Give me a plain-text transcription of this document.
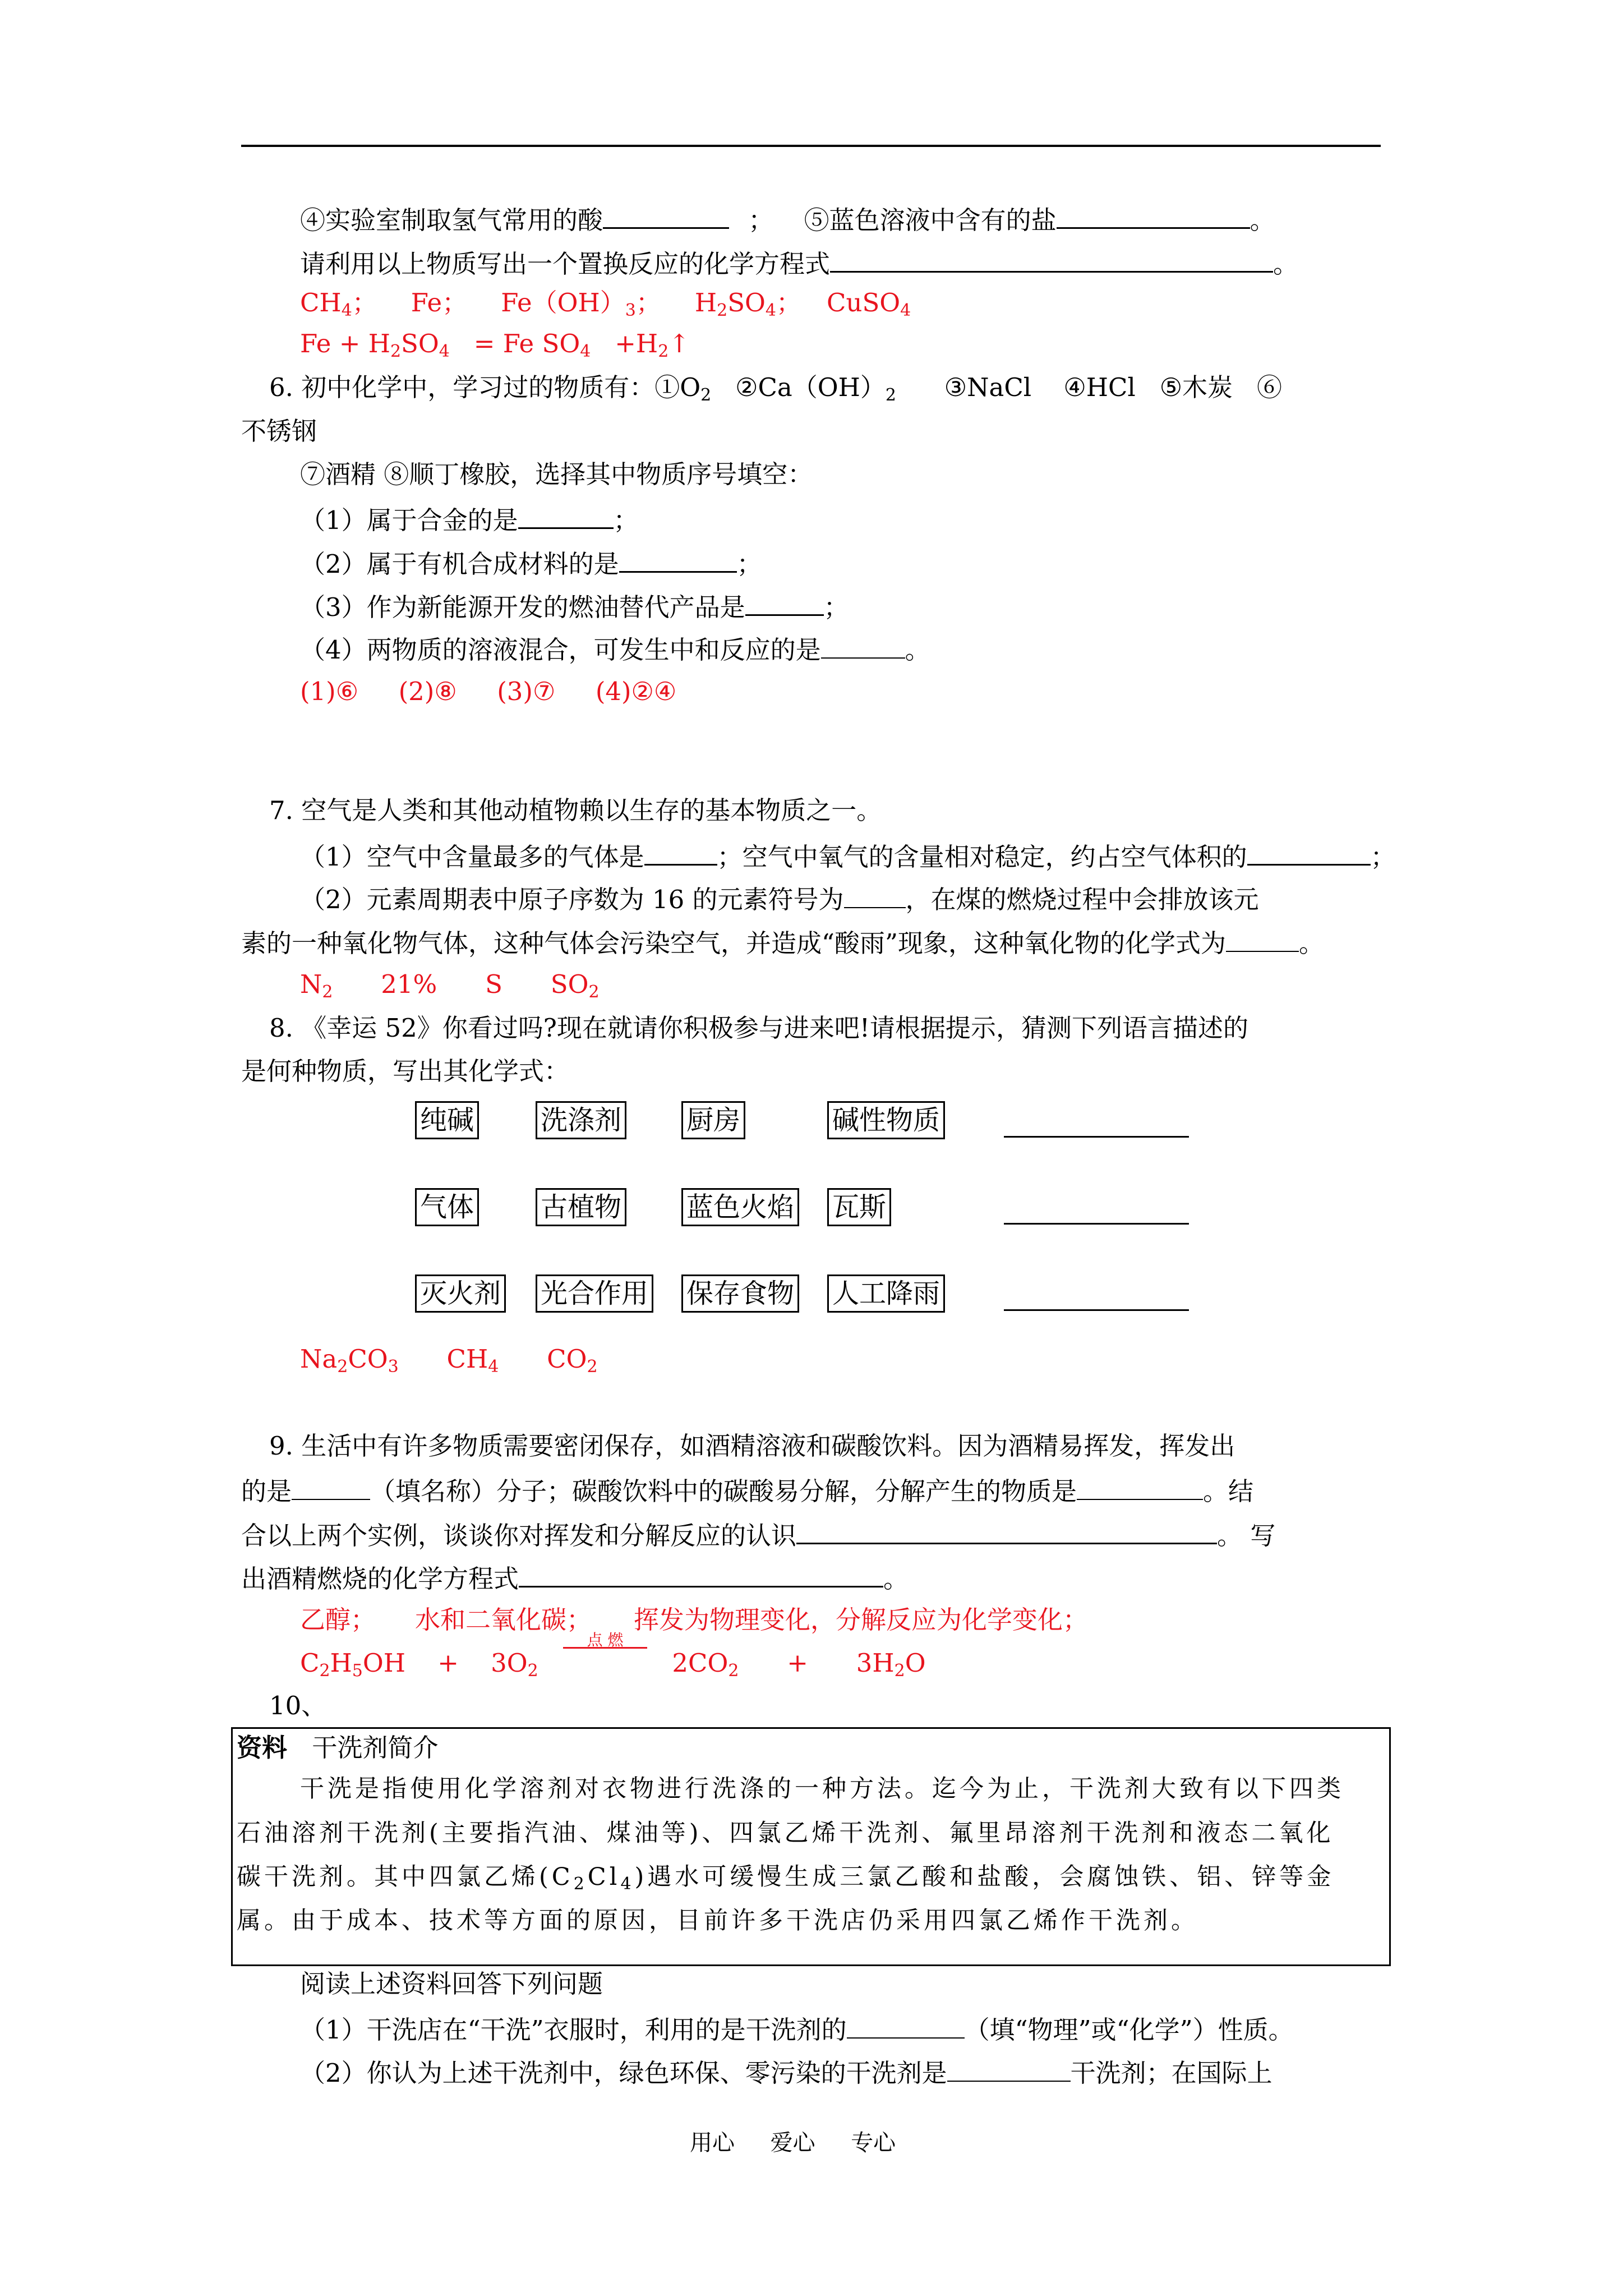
④实验室制取氢气常用的酸	； ⑤蓝色溶液中含有的盐	。
请利用以上物质写出一个置换反应的化学方程式	。
$CH_4$； Fe； $Fe(OH)_3$； $H_2SO_4$； CuSO$_4$
$Fe + H_2SO_4 = Fe$ $SO_4$   $+H_2↑$
6. 初中化学中，学习过的物质有：$①O_2$   $②Ca(OH)_2$      ③NaCl    ④HCl   ⑤木炭   ⑥
不锈钢
⑦酒精 ⑧顺丁橡胶，选择其中物质序号填空：
（1）属于合金的是	；
（2）属于有机合成材料的是	；
（3）作为新能源开发的燃油替代产品是	；
（4）两物质的溶液混合，可发生中和反应的是	。
(1)⑥     (2)⑧     (3)⑦     (4)②④
7. 空气是人类和其他动植物赖以生存的基本物质之一。
（1）空气中含量最多的气体是	；空气中氧气的含量相对稳定，约占空气体积的	；
（2）元素周期表中原子序数为 16 的元素符号为 ，在煤的燃烧过程中会排放该元
素的一种氧化物气体，这种气体会污染空气，并造成“酸雨”现象，这种氧化物的化学式为	。
$N_2$      21%      S      $SO_2$
8. 《幸运 52》你看过吗?现在就请你积极参与进来吧!请根据提示，猜测下列语言描述的
是何种物质，写出其化学式：
纯碱 洗涤剂 厨房	碱性物质
气体 古植物 蓝色火焰 瓦斯
灭火剂 光合作用 保存食物 人工降雨
$Na_2CO_3$      $CH_4$      $CO_2$
9. 生活中有许多物质需要密闭保存，如酒精溶液和碳酸饮料。因为酒精易挥发，挥发出
的是	（填名称）分子；碳酸饮料中的碳酸易分解，分解产生的物质是	。结
合以上两个实例，谈谈你对挥发和分解反应的认识	。 写
出酒精燃烧的化学方程式	。
乙醇； 水和二氧化碳； 挥发为物理变化，分解反应为化学变化；
$C_2H_5OH$    +    $3O_2$
点 燃
$2CO_2$      +      $3H_2O$
10、
资料 干洗剂简介
干洗是指使用化学溶剂对衣物进行洗涤的一种方法。迄今为止，干洗剂大致有以下四类
石油溶剂干洗剂(主要指汽油、煤油等)、四氯乙烯干洗剂、氟里昂溶剂干洗剂和液态二氧化
碳干洗剂。其中四氯乙烯$(C_2Cl_4)$遇水可缓慢生成三氯乙酸和盐酸，会腐蚀铁、铝、锌等金
属。由于成本、技术等方面的原因，目前许多干洗店仍采用四氯乙烯作干洗剂。
阅读上述资料回答下列问题
（1）干洗店在“干洗”衣服时，利用的是干洗剂的	（填“物理”或“化学”）性质。
（2）你认为上述干洗剂中，绿色环保、零污染的干洗剂是	干洗剂；在国际上
用心     爱心     专心
